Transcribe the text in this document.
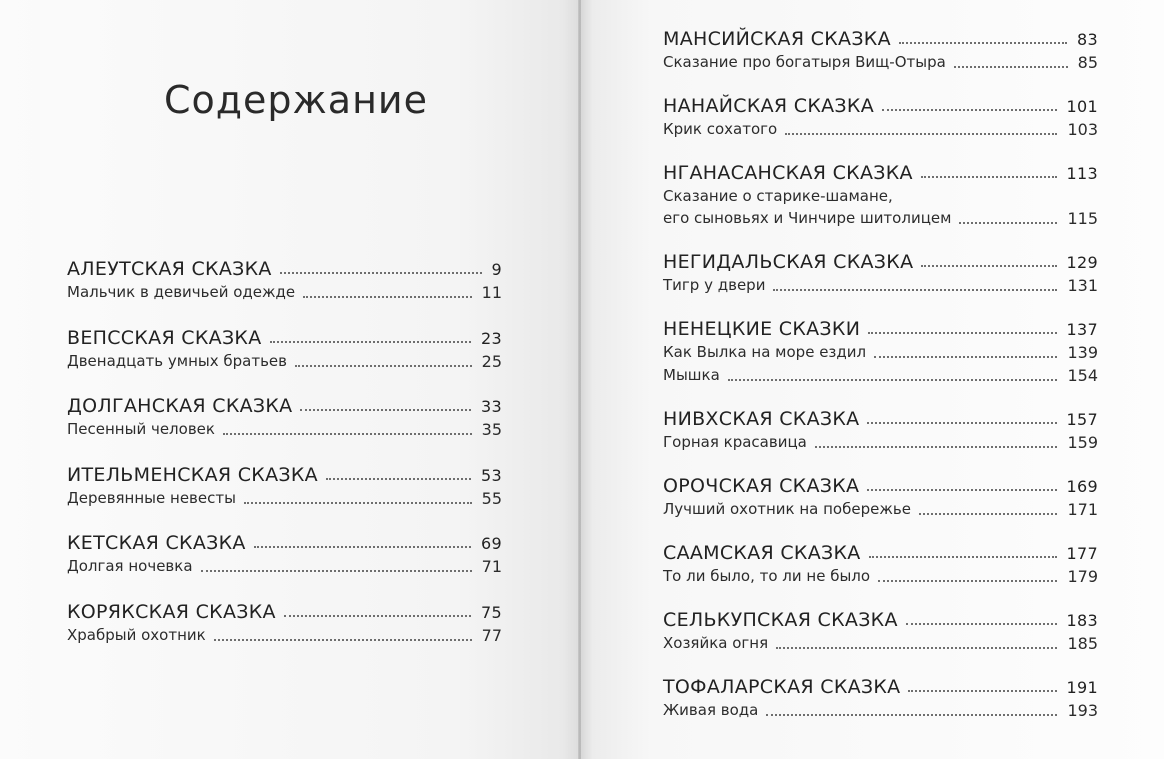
Содержание
АЛЕУТСКАЯ СКАЗКА	9
Мальчик в девичьей одежде	11
ВЕПССКАЯ СКАЗКА	23
Двенадцать умных братьев	25
ДОЛГАНСКАЯ СКАЗКА	33
Песенный человек	35
ИТЕЛЬМЕНСКАЯ СКАЗКА	53
Деревянные невесты	55
КЕТСКАЯ СКАЗКА	69
Долгая ночевка	71
КОРЯКСКАЯ СКАЗКА	75
Храбрый охотник	77
МАНСИЙСКАЯ СКАЗКА	83
Сказание про богатыря Вищ-Отыра	85
НАНАЙСКАЯ СКАЗКА	101
Крик сохатого	103
НГАНАСАНСКАЯ СКАЗКА	113
Сказание о старике-шамане,
его сыновьях и Чинчире шитолицем	115
НЕГИДАЛЬСКАЯ СКАЗКА	129
Тигр у двери	131
НЕНЕЦКИЕ СКАЗКИ	137
Как Вылка на море ездил	139
Мышка	154
НИВХСКАЯ СКАЗКА	157
Горная красавица	159
ОРОЧСКАЯ СКАЗКА	169
Лучший охотник на побережье	171
СААМСКАЯ СКАЗКА	177
То ли было, то ли не было	179
СЕЛЬКУПСКАЯ СКАЗКА	183
Хозяйка огня	185
ТОФАЛАРСКАЯ СКАЗКА	191
Живая вода	193
